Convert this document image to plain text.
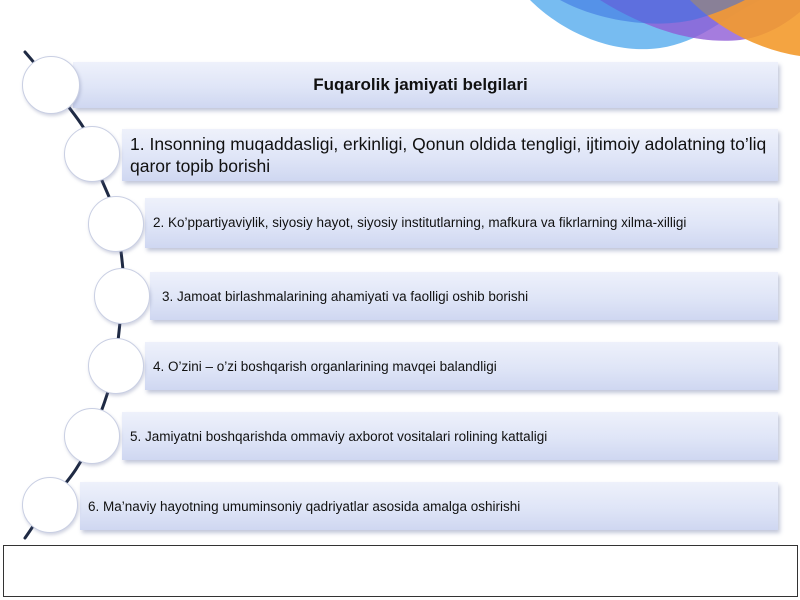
Fuqarolik jamiyati belgilari
1. Insonning muqaddasligi, erkinligi, Qonun oldida tengligi, ijtimoiy adolatning to’liq qaror topib borishi
2. Ko’ppartiyaviylik, siyosiy hayot, siyosiy institutlarning, mafkura va fikrlarning xilma-xilligi
3. Jamoat birlashmalarining ahamiyati va faolligi oshib borishi
4. O’zini – o’zi boshqarish organlarining mavqei balandligi
5. Jamiyatni boshqarishda ommaviy axborot vositalari rolining kattaligi
6. Ma’naviy hayotning umuminsoniy qadriyatlar asosida amalga oshirishi
